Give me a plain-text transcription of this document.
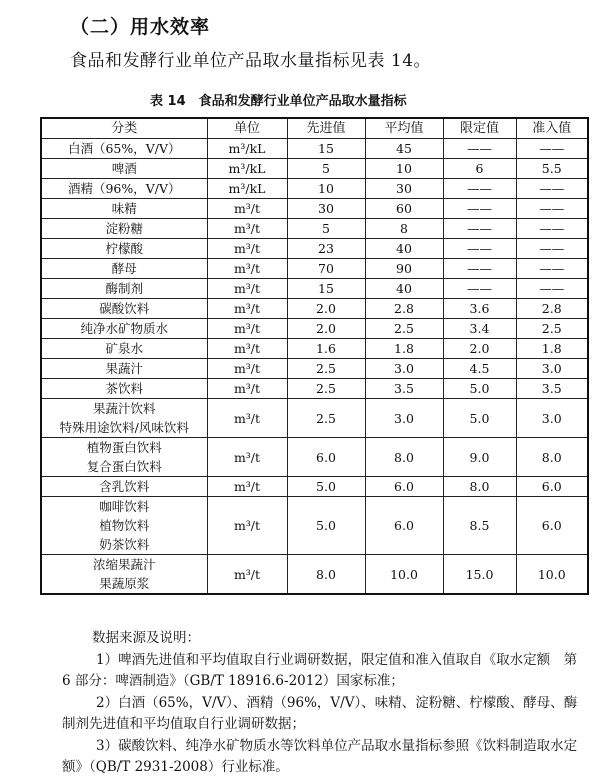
（二）用水效率
食品和发酵行业单位产品取水量指标见表 14。
表 14　食品和发酵行业单位产品取水量指标
分类	单位	先进值	平均值	限定值	准入值
白酒（65%，V/V）	m³/kL	15	45	——	——
啤酒	m³/kL	5	10	6	5.5
酒精（96%，V/V）	m³/kL	10	30	——	——
味精	m³/t	30	60	——	——
淀粉糖	m³/t	5	8	——	——
柠檬酸	m³/t	23	40	——	——
酵母	m³/t	70	90	——	——
酶制剂	m³/t	15	40	——	——
碳酸饮料	m³/t	2.0	2.8	3.6	2.8
纯净水矿物质水	m³/t	2.0	2.5	3.4	2.5
矿泉水	m³/t	1.6	1.8	2.0	1.8
果蔬汁	m³/t	2.5	3.0	4.5	3.0
茶饮料	m³/t	2.5	3.5	5.0	3.5
果蔬汁饮料
特殊用途饮料/风味饮料	m³/t	2.5	3.0	5.0	3.0
植物蛋白饮料
复合蛋白饮料	m³/t	6.0	8.0	9.0	8.0
含乳饮料	m³/t	5.0	6.0	8.0	6.0
咖啡饮料
植物饮料
奶茶饮料	m³/t	5.0	6.0	8.5	6.0
浓缩果蔬汁
果蔬原浆	m³/t	8.0	10.0	15.0	10.0
数据来源及说明：
1）啤酒先进值和平均值取自行业调研数据，限定值和准入值取自《取水定额　第 6 部分：啤酒制造》（GB/T 18916.6-2012）国家标准；
2）白酒（65%，V/V）、酒精（96%，V/V）、味精、淀粉糖、柠檬酸、酵母、酶制剂先进值和平均值取自行业调研数据；
3）碳酸饮料、纯净水矿物质水等饮料单位产品取水量指标参照《饮料制造取水定额》（QB/T 2931-2008）行业标准。
